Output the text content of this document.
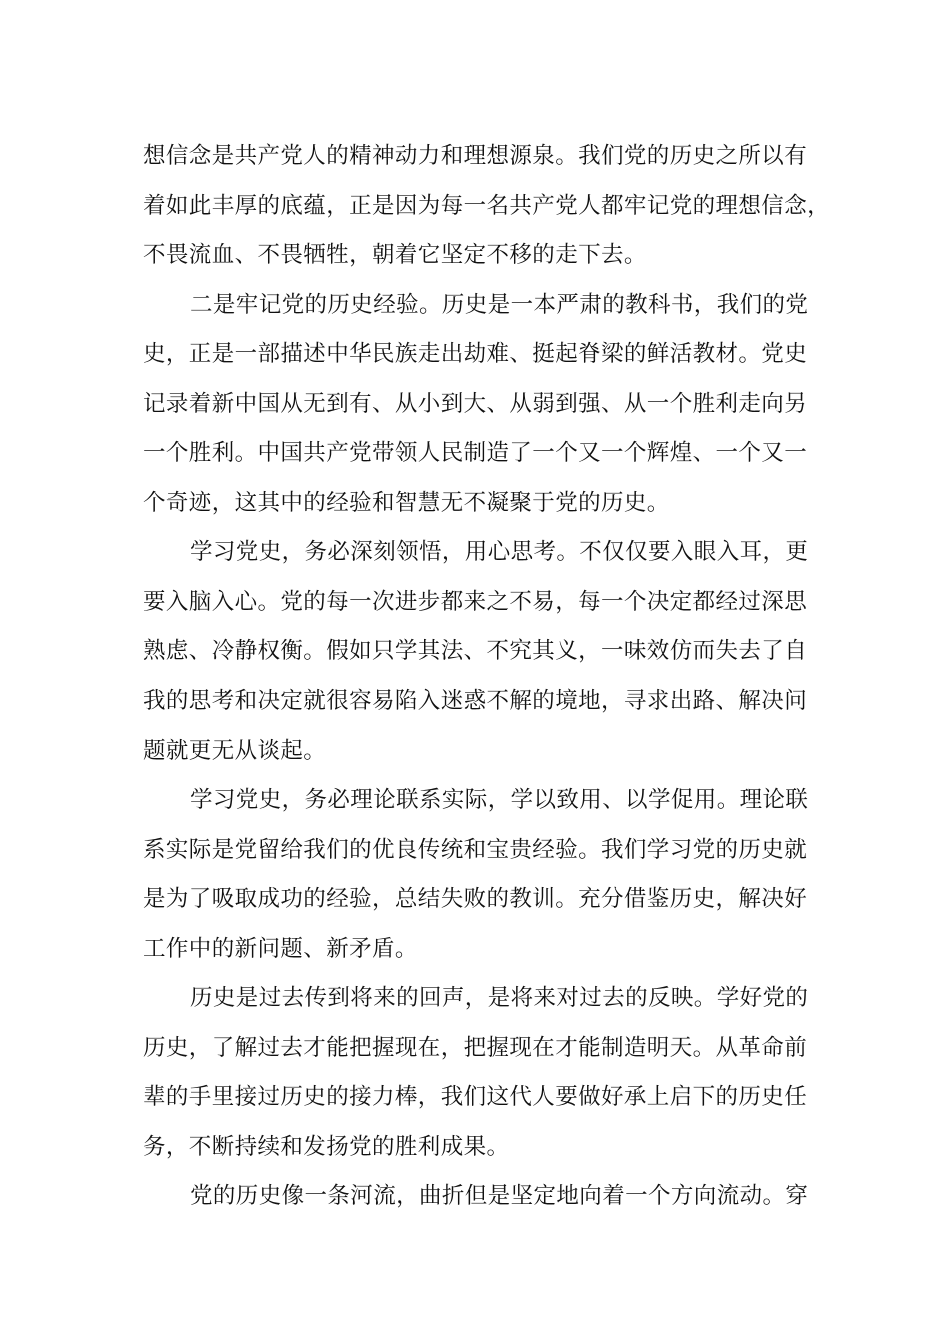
想信念是共产党人的精神动力和理想源泉。我们党的历史之所以有
着如此丰厚的底蕴，正是因为每一名共产党人都牢记党的理想信念，
不畏流血、不畏牺牲，朝着它坚定不移的走下去。
二是牢记党的历史经验。历史是一本严肃的教科书，我们的党
史，正是一部描述中华民族走出劫难、挺起脊梁的鲜活教材。党史
记录着新中国从无到有、从小到大、从弱到强、从一个胜利走向另
一个胜利。中国共产党带领人民制造了一个又一个辉煌、一个又一
个奇迹，这其中的经验和智慧无不凝聚于党的历史。
学习党史，务必深刻领悟，用心思考。不仅仅要入眼入耳，更
要入脑入心。党的每一次进步都来之不易，每一个决定都经过深思
熟虑、冷静权衡。假如只学其法、不究其义，一味效仿而失去了自
我的思考和决定就很容易陷入迷惑不解的境地，寻求出路、解决问
题就更无从谈起。
学习党史，务必理论联系实际，学以致用、以学促用。理论联
系实际是党留给我们的优良传统和宝贵经验。我们学习党的历史就
是为了吸取成功的经验，总结失败的教训。充分借鉴历史，解决好
工作中的新问题、新矛盾。
历史是过去传到将来的回声，是将来对过去的反映。学好党的
历史，了解过去才能把握现在，把握现在才能制造明天。从革命前
辈的手里接过历史的接力棒，我们这代人要做好承上启下的历史任
务，不断持续和发扬党的胜利成果。
党的历史像一条河流，曲折但是坚定地向着一个方向流动。穿
